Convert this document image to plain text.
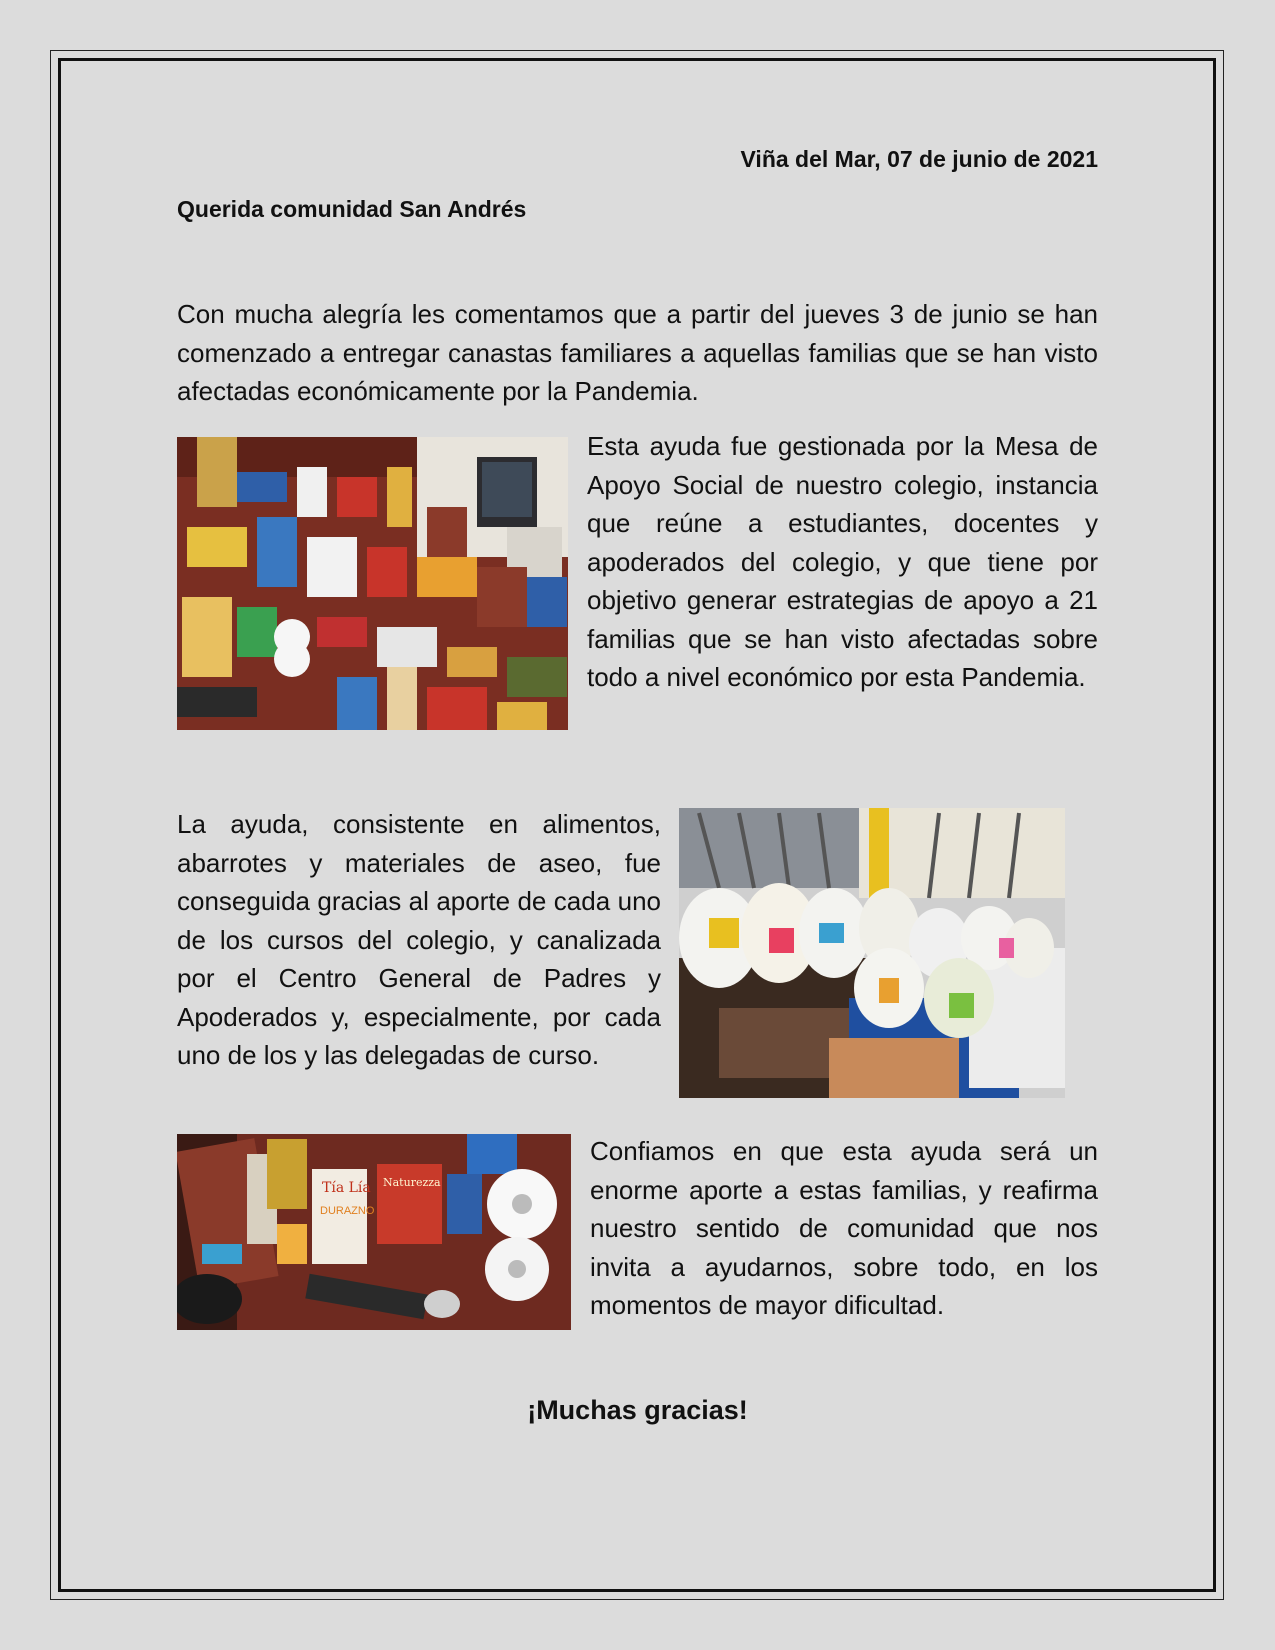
Viña del Mar, 07 de junio de 2021
Querida comunidad San Andrés
Con mucha alegría les comentamos que a partir del jueves 3 de junio se han comenzado a entregar canastas familiares a aquellas familias que se han visto afectadas económicamente por la Pandemia.
Esta ayuda fue gestionada por la Mesa de Apoyo Social de nuestro colegio, instancia que reúne a estudiantes, docentes y apoderados del colegio, y que tiene por objetivo generar estrategias de apoyo a 21 familias que se han visto afectadas sobre todo a nivel económico por esta Pandemia.
La ayuda, consistente en alimentos, abarrotes y materiales de aseo, fue conseguida gracias al aporte de cada uno de los cursos del colegio, y canalizada por el Centro General de Padres y Apoderados y, especialmente, por cada uno de los y las delegadas de curso.
Tía Lía
DURAZNO
Naturezza
Confiamos en que esta ayuda será un enorme aporte a estas familias, y reafirma nuestro sentido de comunidad que nos invita a ayudarnos, sobre todo, en los momentos de mayor dificultad.
¡Muchas gracias!
